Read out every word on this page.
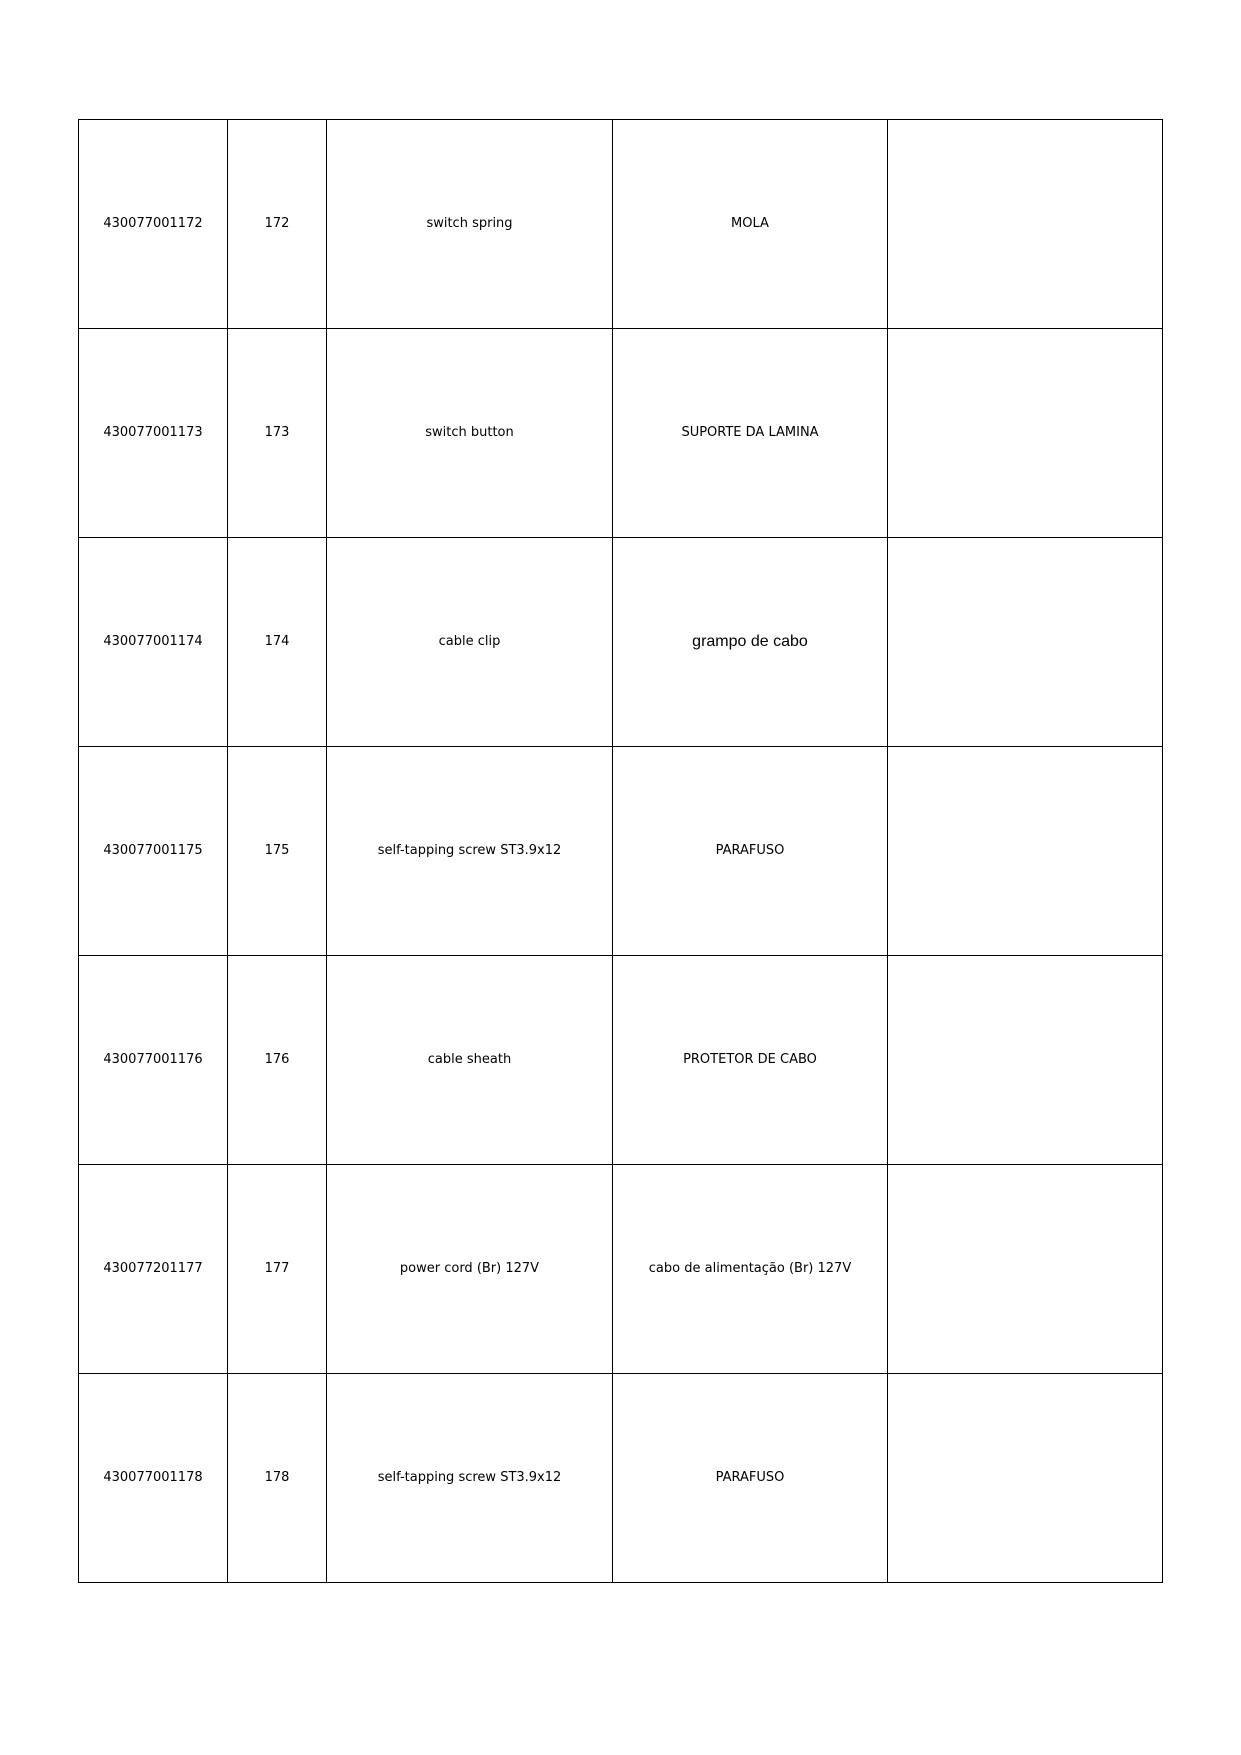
430077001172	172	switch spring	MOLA	
430077001173	173	switch button	SUPORTE DA LAMINA	
430077001174	174	cable clip	grampo de cabo	
430077001175	175	self-tapping screw ST3.9x12	PARAFUSO	
430077001176	176	cable sheath	PROTETOR DE CABO	
430077201177	177	power cord (Br) 127V	cabo de alimentação (Br) 127V	
430077001178	178	self-tapping screw ST3.9x12	PARAFUSO	
